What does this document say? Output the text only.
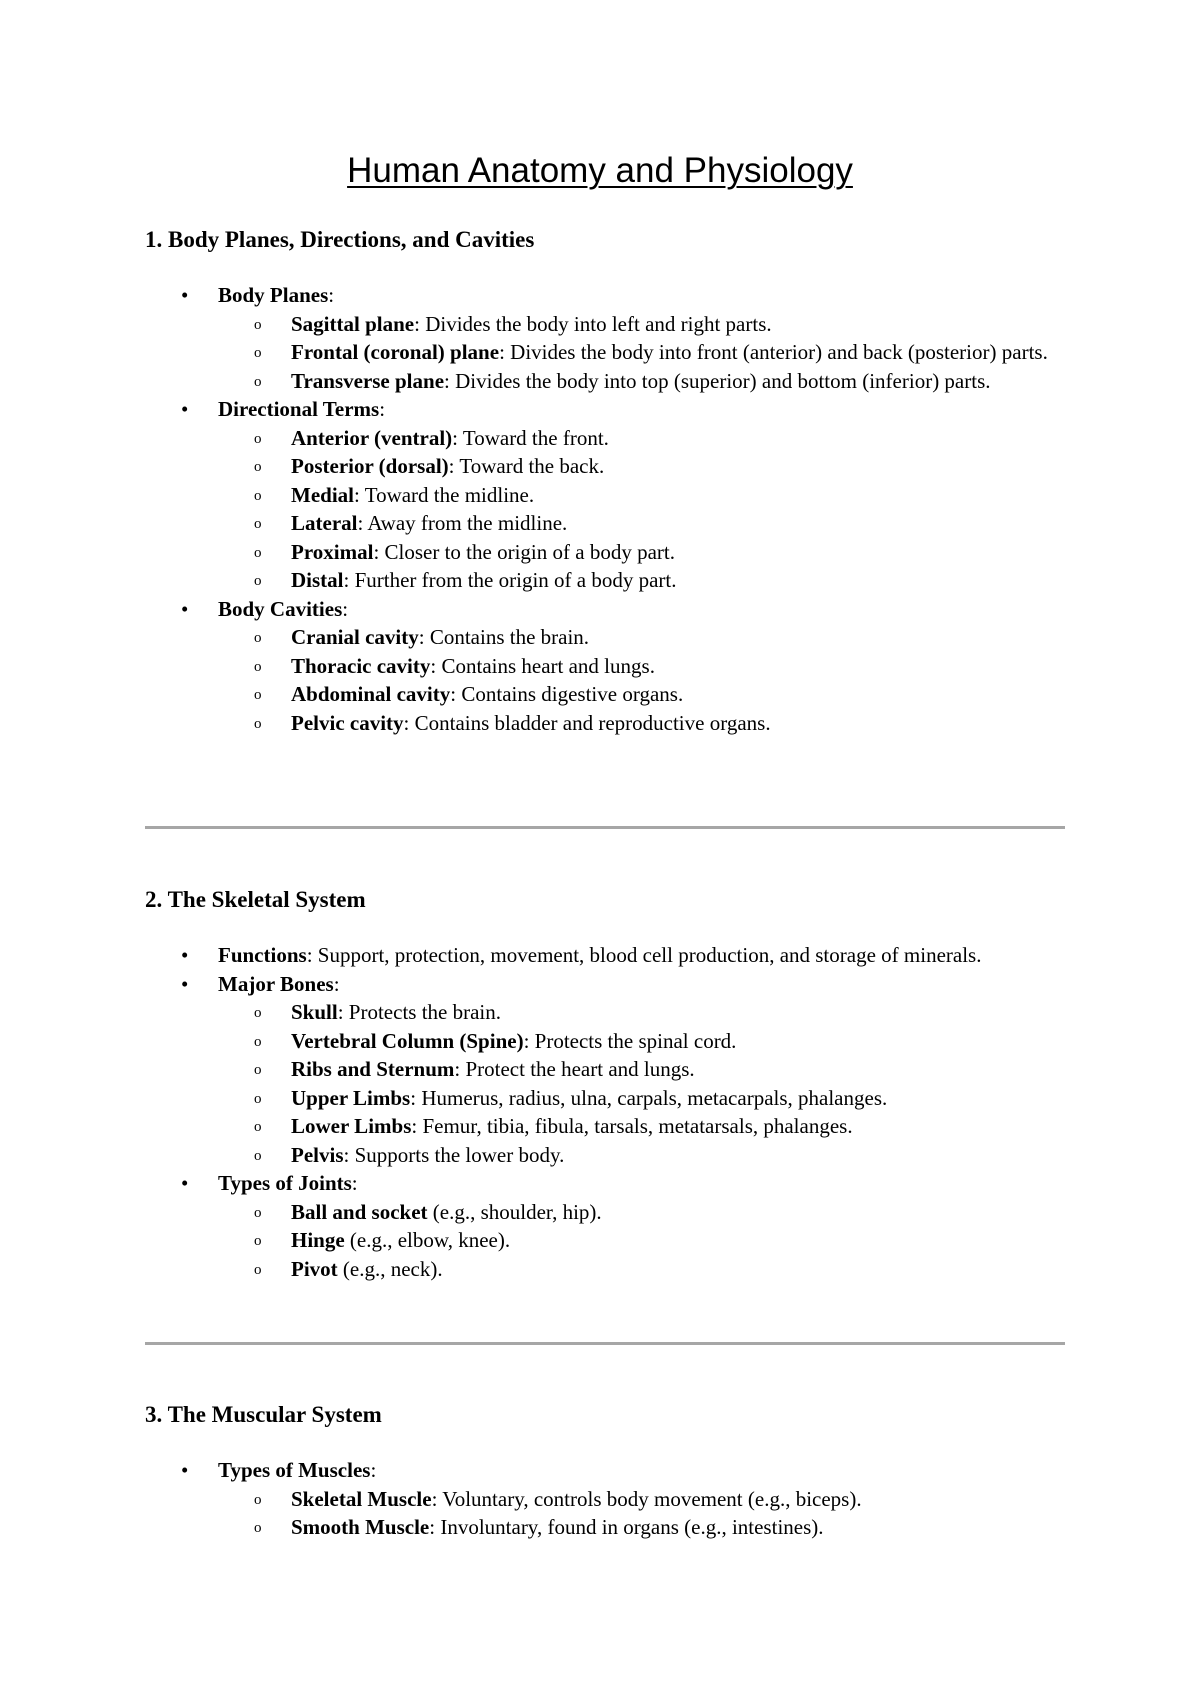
Human Anatomy and Physiology
1. Body Planes, Directions, and Cavities
• Body Planes:
o Sagittal plane: Divides the body into left and right parts.
o Frontal (coronal) plane: Divides the body into front (anterior) and back (posterior) parts.
o Transverse plane: Divides the body into top (superior) and bottom (inferior) parts.
• Directional Terms:
o Anterior (ventral): Toward the front.
o Posterior (dorsal): Toward the back.
o Medial: Toward the midline.
o Lateral: Away from the midline.
o Proximal: Closer to the origin of a body part.
o Distal: Further from the origin of a body part.
• Body Cavities:
o Cranial cavity: Contains the brain.
o Thoracic cavity: Contains heart and lungs.
o Abdominal cavity: Contains digestive organs.
o Pelvic cavity: Contains bladder and reproductive organs.
2. The Skeletal System
• Functions: Support, protection, movement, blood cell production, and storage of minerals.
• Major Bones:
o Skull: Protects the brain.
o Vertebral Column (Spine): Protects the spinal cord.
o Ribs and Sternum: Protect the heart and lungs.
o Upper Limbs: Humerus, radius, ulna, carpals, metacarpals, phalanges.
o Lower Limbs: Femur, tibia, fibula, tarsals, metatarsals, phalanges.
o Pelvis: Supports the lower body.
• Types of Joints:
o Ball and socket (e.g., shoulder, hip).
o Hinge (e.g., elbow, knee).
o Pivot (e.g., neck).
3. The Muscular System
• Types of Muscles:
o Skeletal Muscle: Voluntary, controls body movement (e.g., biceps).
o Smooth Muscle: Involuntary, found in organs (e.g., intestines).
